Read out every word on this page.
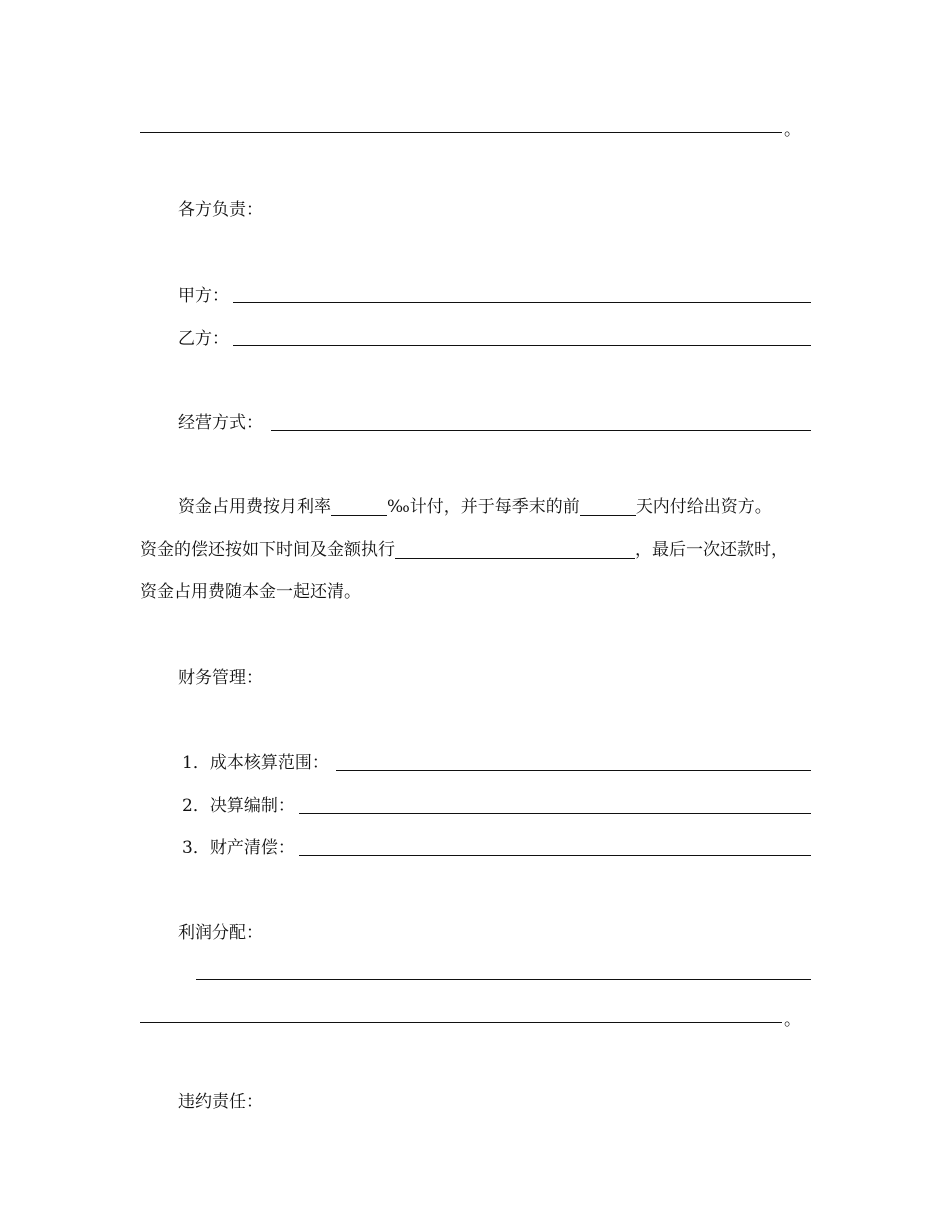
。
各方负责：
甲方：
乙方：
经营方式：
资金占用费按月利率	‰计付，并于每季末的前	天内付给出资方。
资金的偿还按如下时间及金额执行	，最后一次还款时，
资金占用费随本金一起还清。
财务管理：
1．成本核算范围：
2．决算编制：
3．财产清偿：
利润分配：
。
违约责任：
